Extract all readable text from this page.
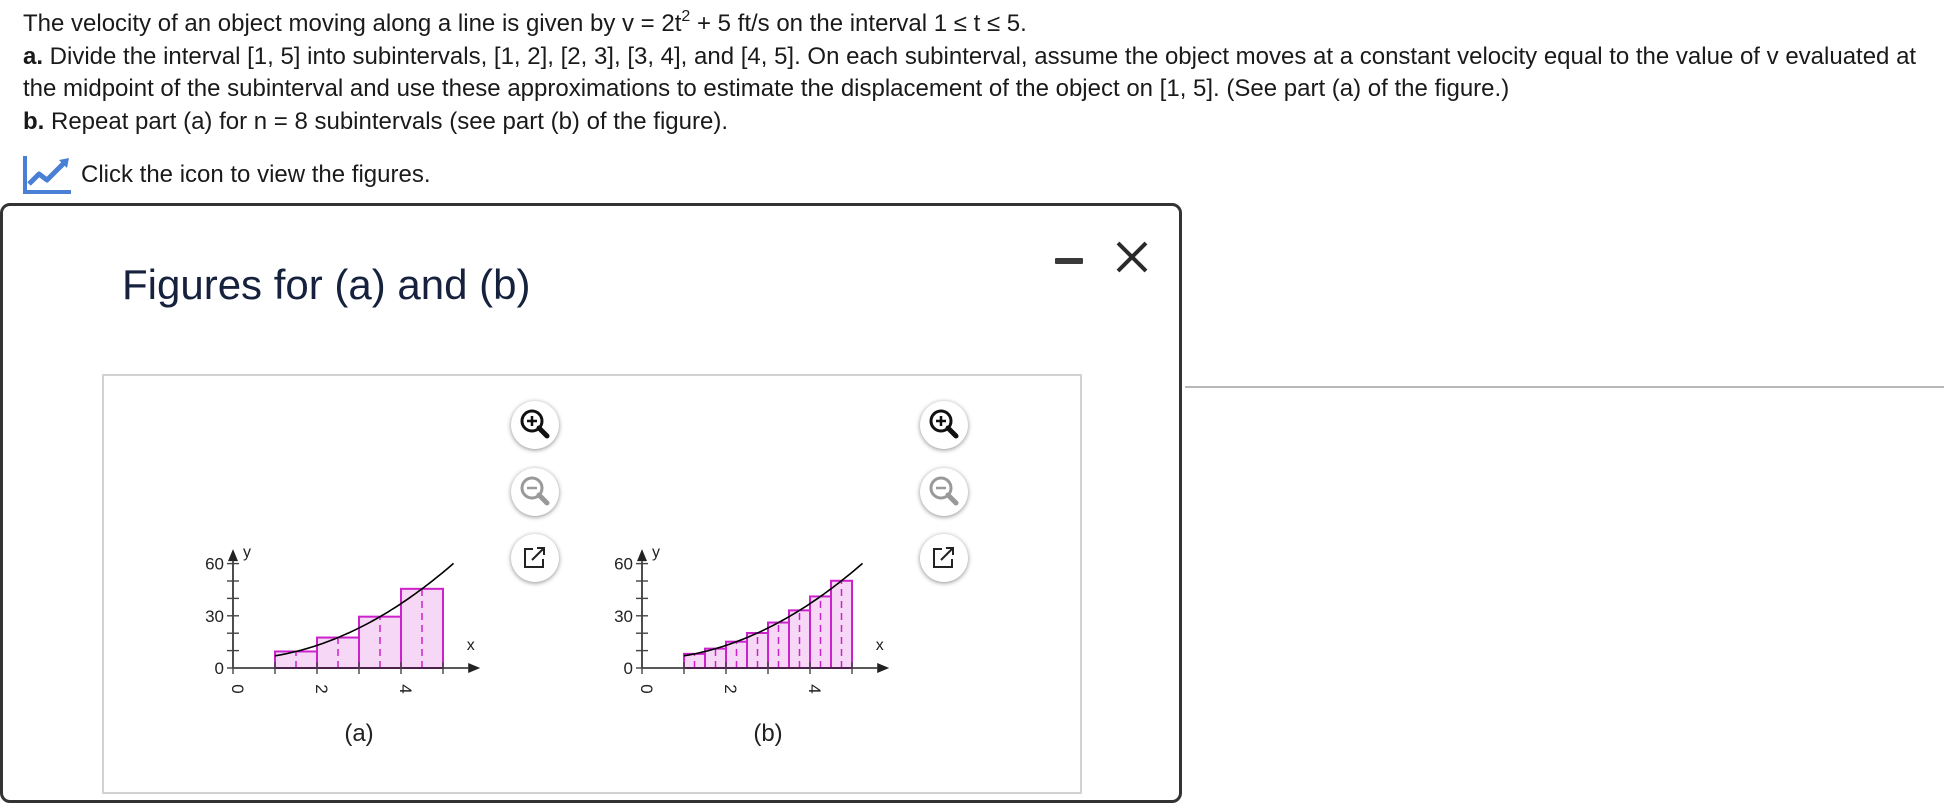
The velocity of an object moving along a line is given by $v = 2t^2 + 5$ ft/s on the interval 1 ≤ t ≤ 5.

a. Divide the interval [1, 5] into subintervals, [1, 2], [2, 3], [3, 4], and [4, 5]. On each subinterval, assume the object moves at a constant velocity equal to the value of v evaluated at the midpoint of the subinterval and use these approximations to estimate the displacement of the object on [1, 5]. (See part (a) of the figure.)

b. Repeat part (a) for n = 8 subintervals (see part (b) of the figure).

Click the icon to view the figures.
Figures for (a) and (b)
0
30
60
0	2	4
x
y
(a)
0
30
60
0	2	4
x
y
(b)
